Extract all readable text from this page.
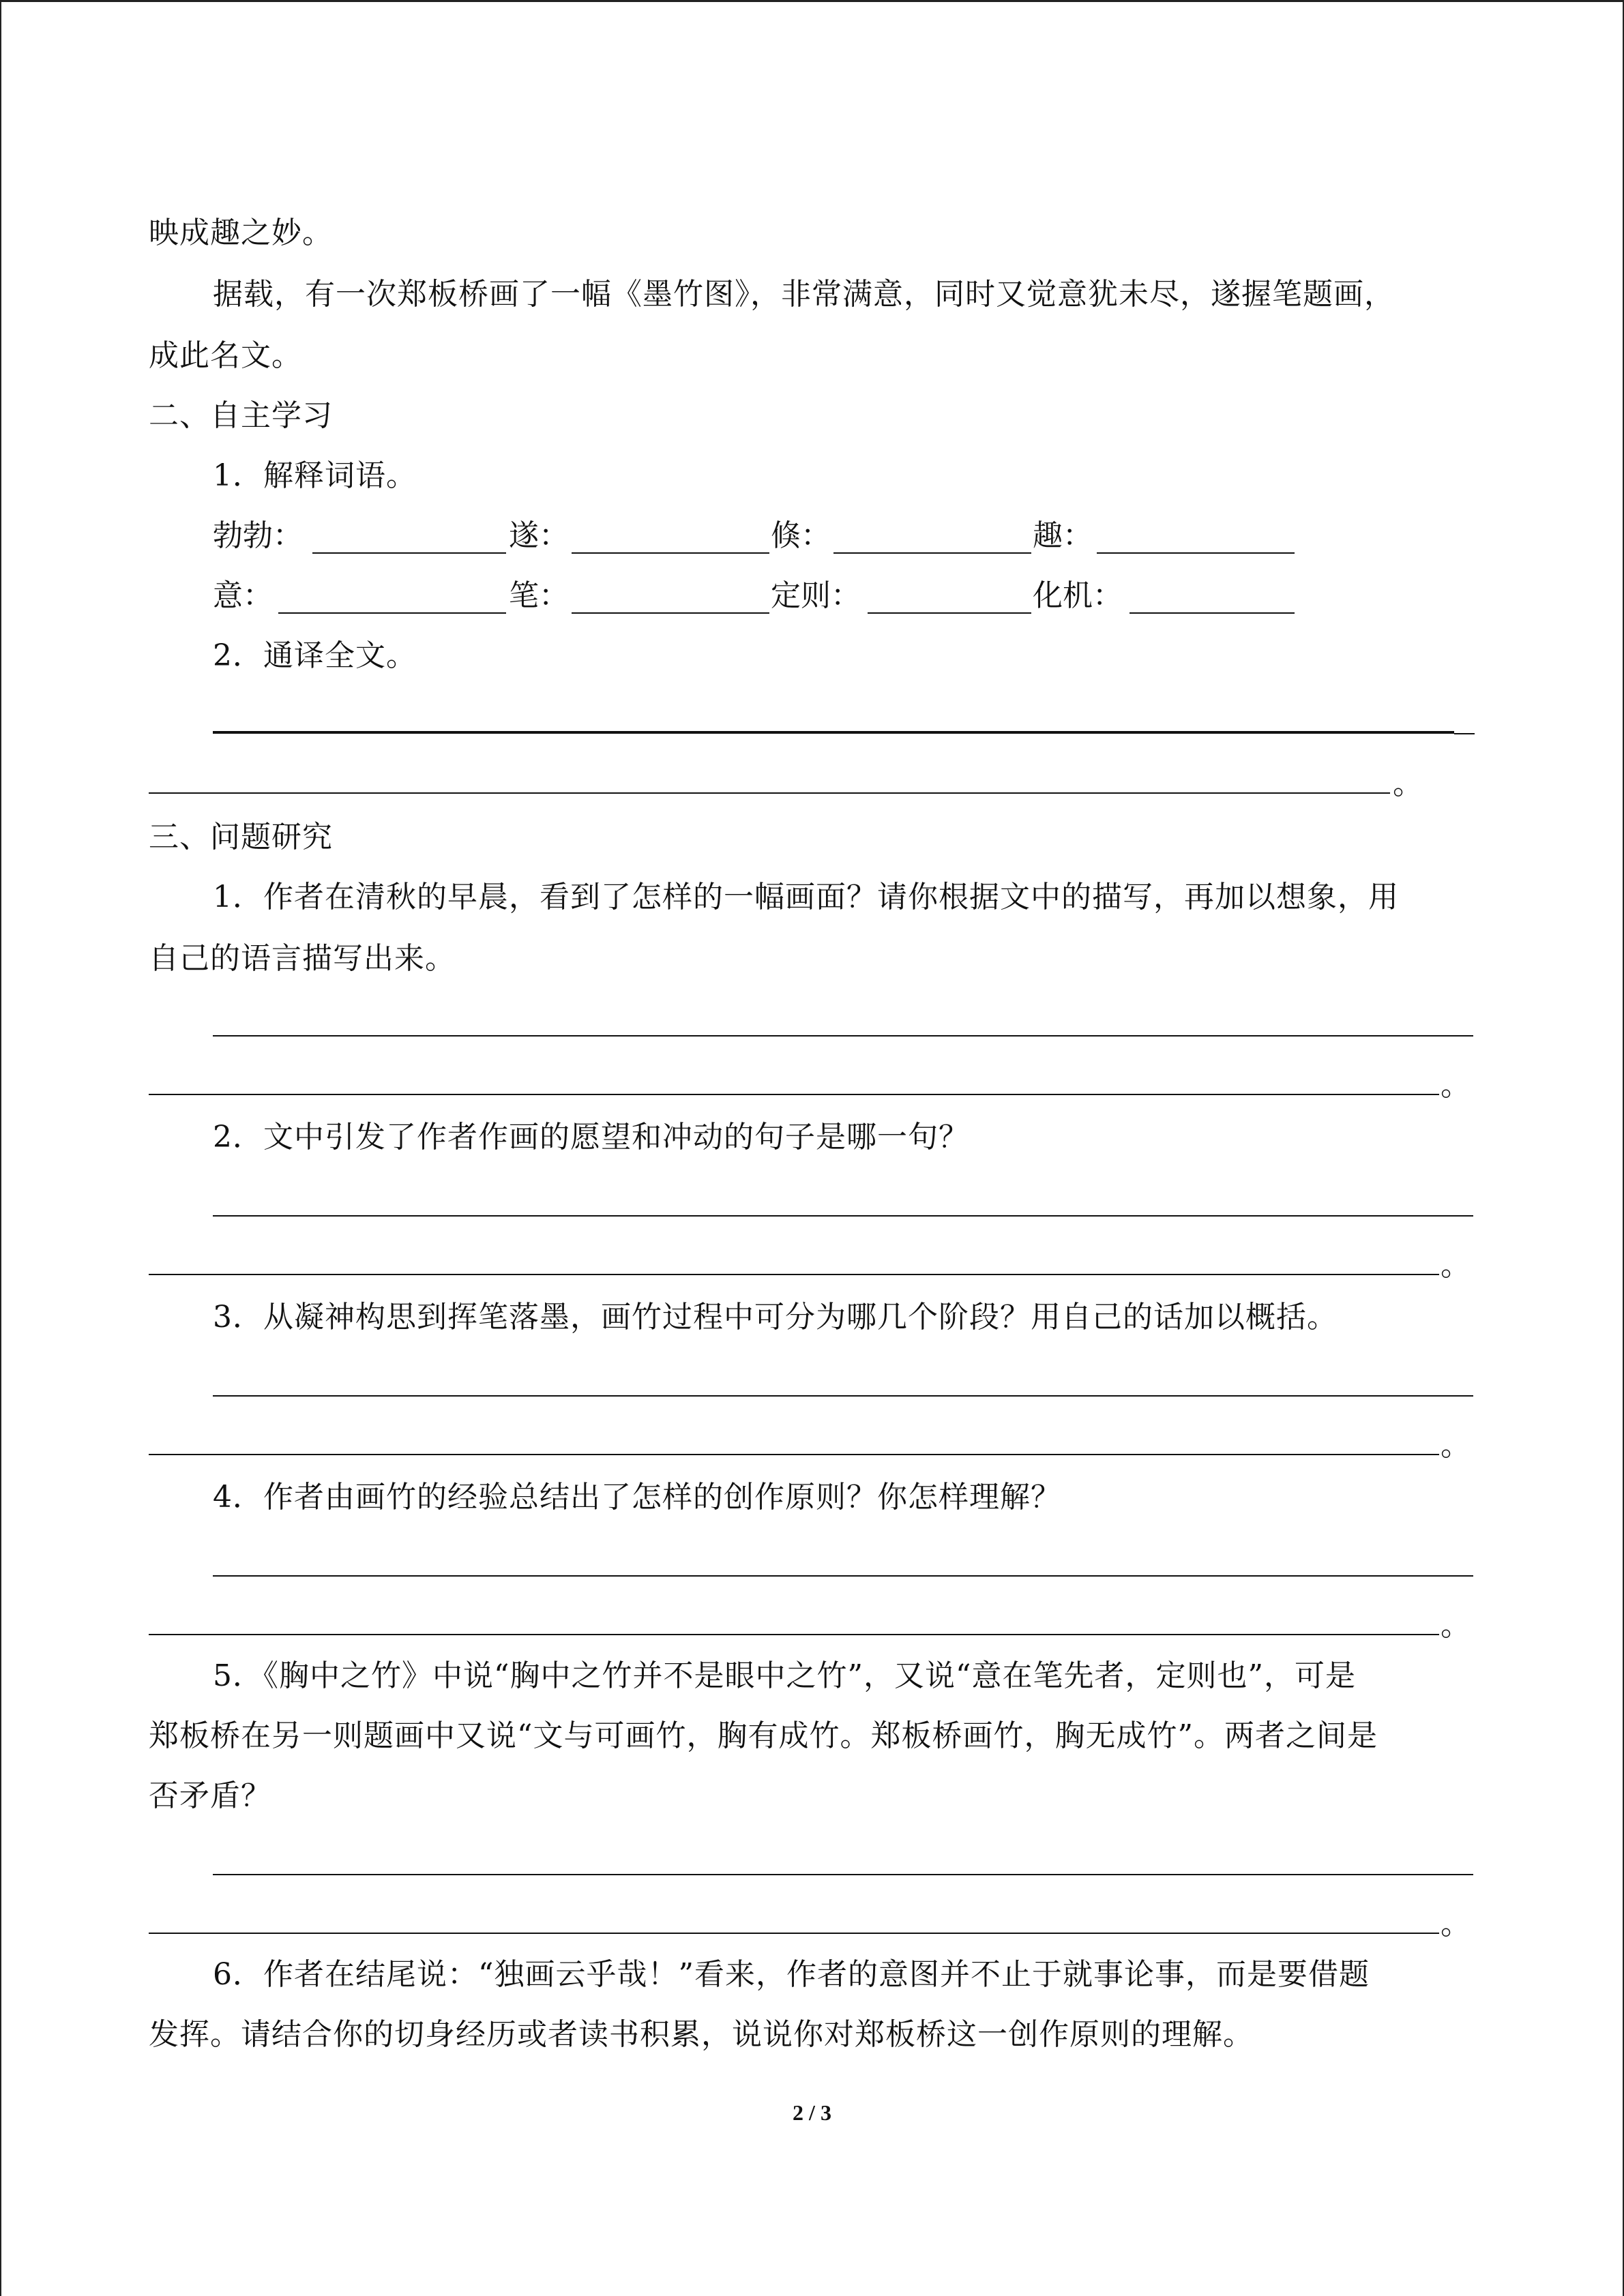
映成趣之妙。
据载，有一次郑板桥画了一幅《墨竹图》，非常满意，同时又觉意犹未尽，遂握笔题画，
成此名文。
二、自主学习
1．解释词语。
勃勃：	遂：	倏：	趣：
意：	笔：	定则：	化机：
2．通译全文。
。
三、问题研究
1．作者在清秋的早晨，看到了怎样的一幅画面？请你根据文中的描写，再加以想象，用
自己的语言描写出来。
。
2．文中引发了作者作画的愿望和冲动的句子是哪一句？
。
3．从凝神构思到挥笔落墨，画竹过程中可分为哪几个阶段？用自己的话加以概括。
。
4．作者由画竹的经验总结出了怎样的创作原则？你怎样理解？
。
5．《胸中之竹》中说“胸中之竹并不是眼中之竹”，又说“意在笔先者，定则也”，可是
郑板桥在另一则题画中又说“文与可画竹，胸有成竹。郑板桥画竹，胸无成竹”。两者之间是
否矛盾？
。
6．作者在结尾说：“独画云乎哉！”看来，作者的意图并不止于就事论事，而是要借题
发挥。请结合你的切身经历或者读书积累，说说你对郑板桥这一创作原则的理解。
2 / 3
